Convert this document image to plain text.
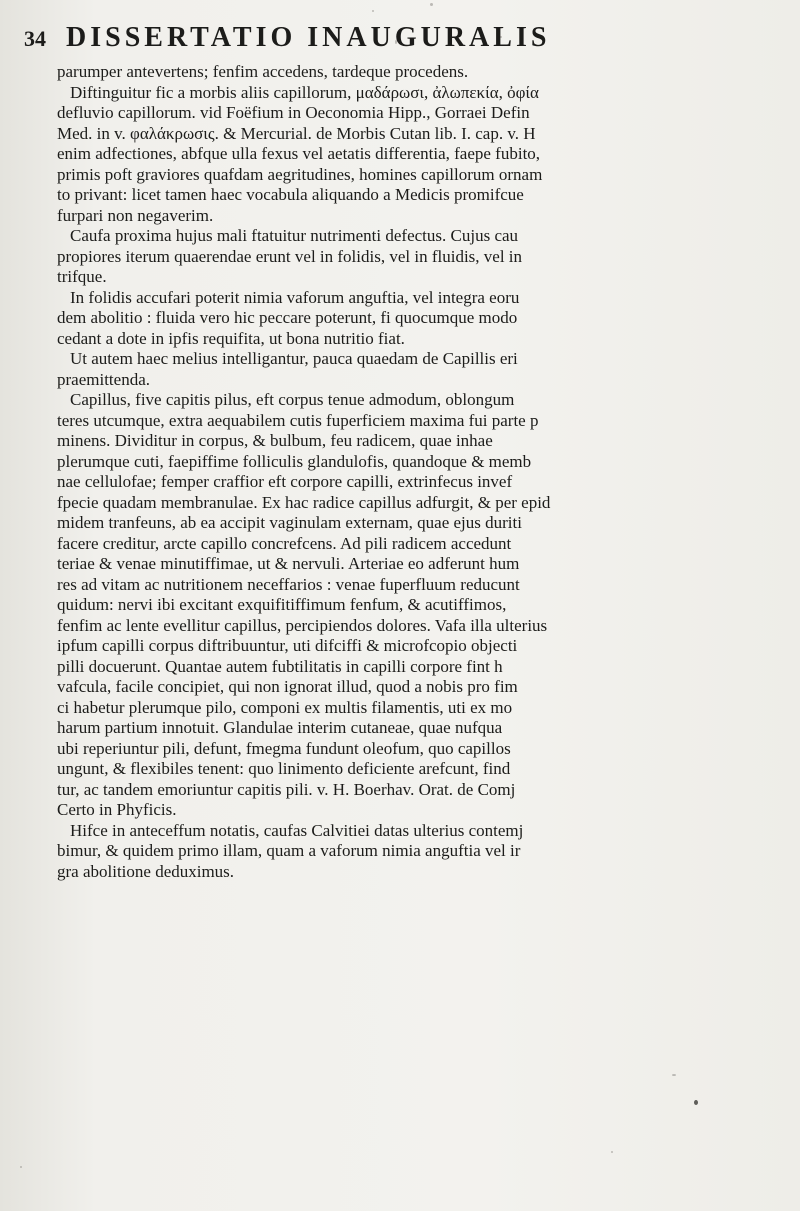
34 DISSERTATIO INAUGURALIS
parumper antevertens; fenfim accedens, tardeque procedens.
Diftinguitur fic a morbis aliis capillorum, μαδάρωσι, ἀλωπεκία, ὀφία
defluvio capillorum. vid Foëfium in Oeconomia Hipp., Gorraei Defin
Med. in v. φαλάκρωσις. & Mercurial. de Morbis Cutan lib. I. cap. v. H
enim adfectiones, abfque ulla fexus vel aetatis differentia, faepe fubito,
primis poft graviores quafdam aegritudines, homines capillorum ornam
to privant: licet tamen haec vocabula aliquando a Medicis promifcue
furpari non negaverim.
Caufa proxima hujus mali ftatuitur nutrimenti defectus. Cujus cau
propiores iterum quaerendae erunt vel in folidis, vel in fluidis, vel in
trifque.
In folidis accufari poterit nimia vaforum anguftia, vel integra eoru
dem abolitio : fluida vero hic peccare poterunt, fi quocumque modo
cedant a dote in ipfis requifita, ut bona nutritio fiat.
Ut autem haec melius intelligantur, pauca quaedam de Capillis eri
praemittenda.
Capillus, five capitis pilus, eft corpus tenue admodum, oblongum
teres utcumque, extra aequabilem cutis fuperficiem maxima fui parte p
minens. Dividitur in corpus, & bulbum, feu radicem, quae inhae
plerumque cuti, faepiffime folliculis glandulofis, quandoque & memb
nae cellulofae; femper craffior eft corpore capilli, extrinfecus invef
fpecie quadam membranulae. Ex hac radice capillus adfurgit, & per epid
midem tranfeuns, ab ea accipit vaginulam externam, quae ejus duriti
facere creditur, arcte capillo concrefcens. Ad pili radicem accedunt
teriae & venae minutiffimae, ut & nervuli. Arteriae eo adferunt hum
res ad vitam ac nutritionem neceffarios : venae fuperfluum reducunt
quidum: nervi ibi excitant exquifitiffimum fenfum, & acutiffimos,
fenfim ac lente evellitur capillus, percipiendos dolores. Vafa illa ulterius
ipfum capilli corpus diftribuuntur, uti difciffi & microfcopio objecti
pilli docuerunt. Quantae autem fubtilitatis in capilli corpore fint h
vafcula, facile concipiet, qui non ignorat illud, quod a nobis pro fim
ci habetur plerumque pilo, componi ex multis filamentis, uti ex mo
harum partium innotuit. Glandulae interim cutaneae, quae nufqua
ubi reperiuntur pili, defunt, fmegma fundunt oleofum, quo capillos
ungunt, & flexibiles tenent: quo linimento deficiente arefcunt, find
tur, ac tandem emoriuntur capitis pili. v. H. Boerhav. Orat. de Comj
Certo in Phyficis.
Hifce in anteceffum notatis, caufas Calvitiei datas ulterius contemj
bimur, & quidem primo illam, quam a vaforum nimia anguftia vel ir
gra abolitione deduximus.
